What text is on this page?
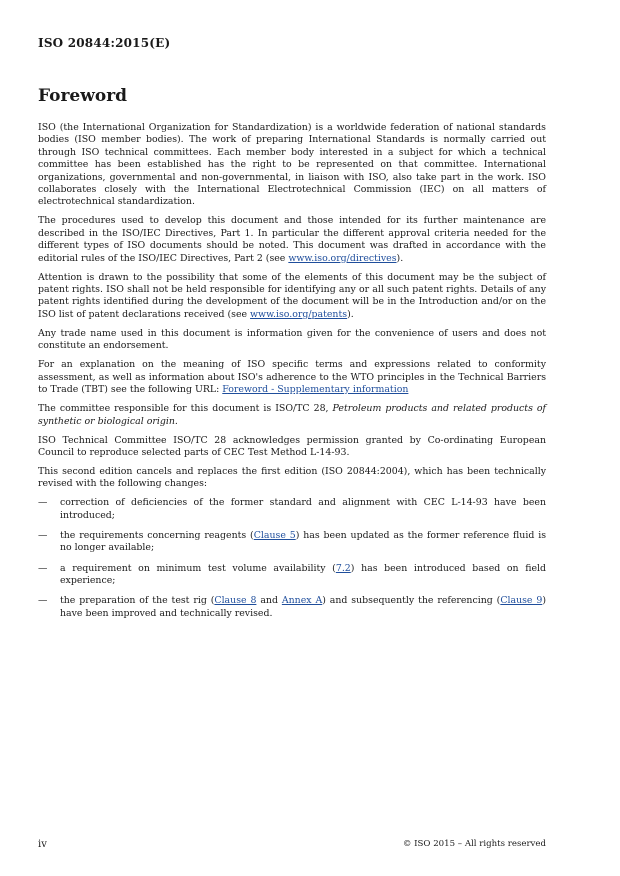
ISO 20844:2015(E)
Foreword

ISO (the International Organization for Standardization) is a worldwide federation of national standards bodies (ISO member bodies). The work of preparing International Standards is normally carried out through ISO technical committees. Each member body interested in a subject for which a technical committee has been established has the right to be represented on that committee. International organizations, governmental and non-governmental, in liaison with ISO, also take part in the work. ISO collaborates closely with the International Electrotechnical Commission (IEC) on all matters of electrotechnical standardization.

The procedures used to develop this document and those intended for its further maintenance are described in the ISO/IEC Directives, Part 1. In particular the different approval criteria needed for the different types of ISO documents should be noted. This document was drafted in accordance with the editorial rules of the ISO/IEC Directives, Part 2 (see www.iso.org/directives).

Attention is drawn to the possibility that some of the elements of this document may be the subject of patent rights. ISO shall not be held responsible for identifying any or all such patent rights. Details of any patent rights identified during the development of the document will be in the Introduction and/or on the ISO list of patent declarations received (see www.iso.org/patents).

Any trade name used in this document is information given for the convenience of users and does not constitute an endorsement.

For an explanation on the meaning of ISO specific terms and expressions related to conformity assessment, as well as information about ISO's adherence to the WTO principles in the Technical Barriers to Trade (TBT) see the following URL: Foreword - Supplementary information

The committee responsible for this document is ISO/TC 28, Petroleum products and related products of synthetic or biological origin.

ISO Technical Committee ISO/TC 28 acknowledges permission granted by Co-ordinating European Council to reproduce selected parts of CEC Test Method L-14-93.

This second edition cancels and replaces the first edition (ISO 20844:2004), which has been technically revised with the following changes:

— correction of deficiencies of the former standard and alignment with CEC L-14-93 have been introduced;
— the requirements concerning reagents (Clause 5) has been updated as the former reference fluid is no longer available;
— a requirement on minimum test volume availability (7.2) has been introduced based on field experience;
— the preparation of the test rig (Clause 8 and Annex A) and subsequently the referencing (Clause 9) have been improved and technically revised.
iv	© ISO 2015 – All rights reserved
